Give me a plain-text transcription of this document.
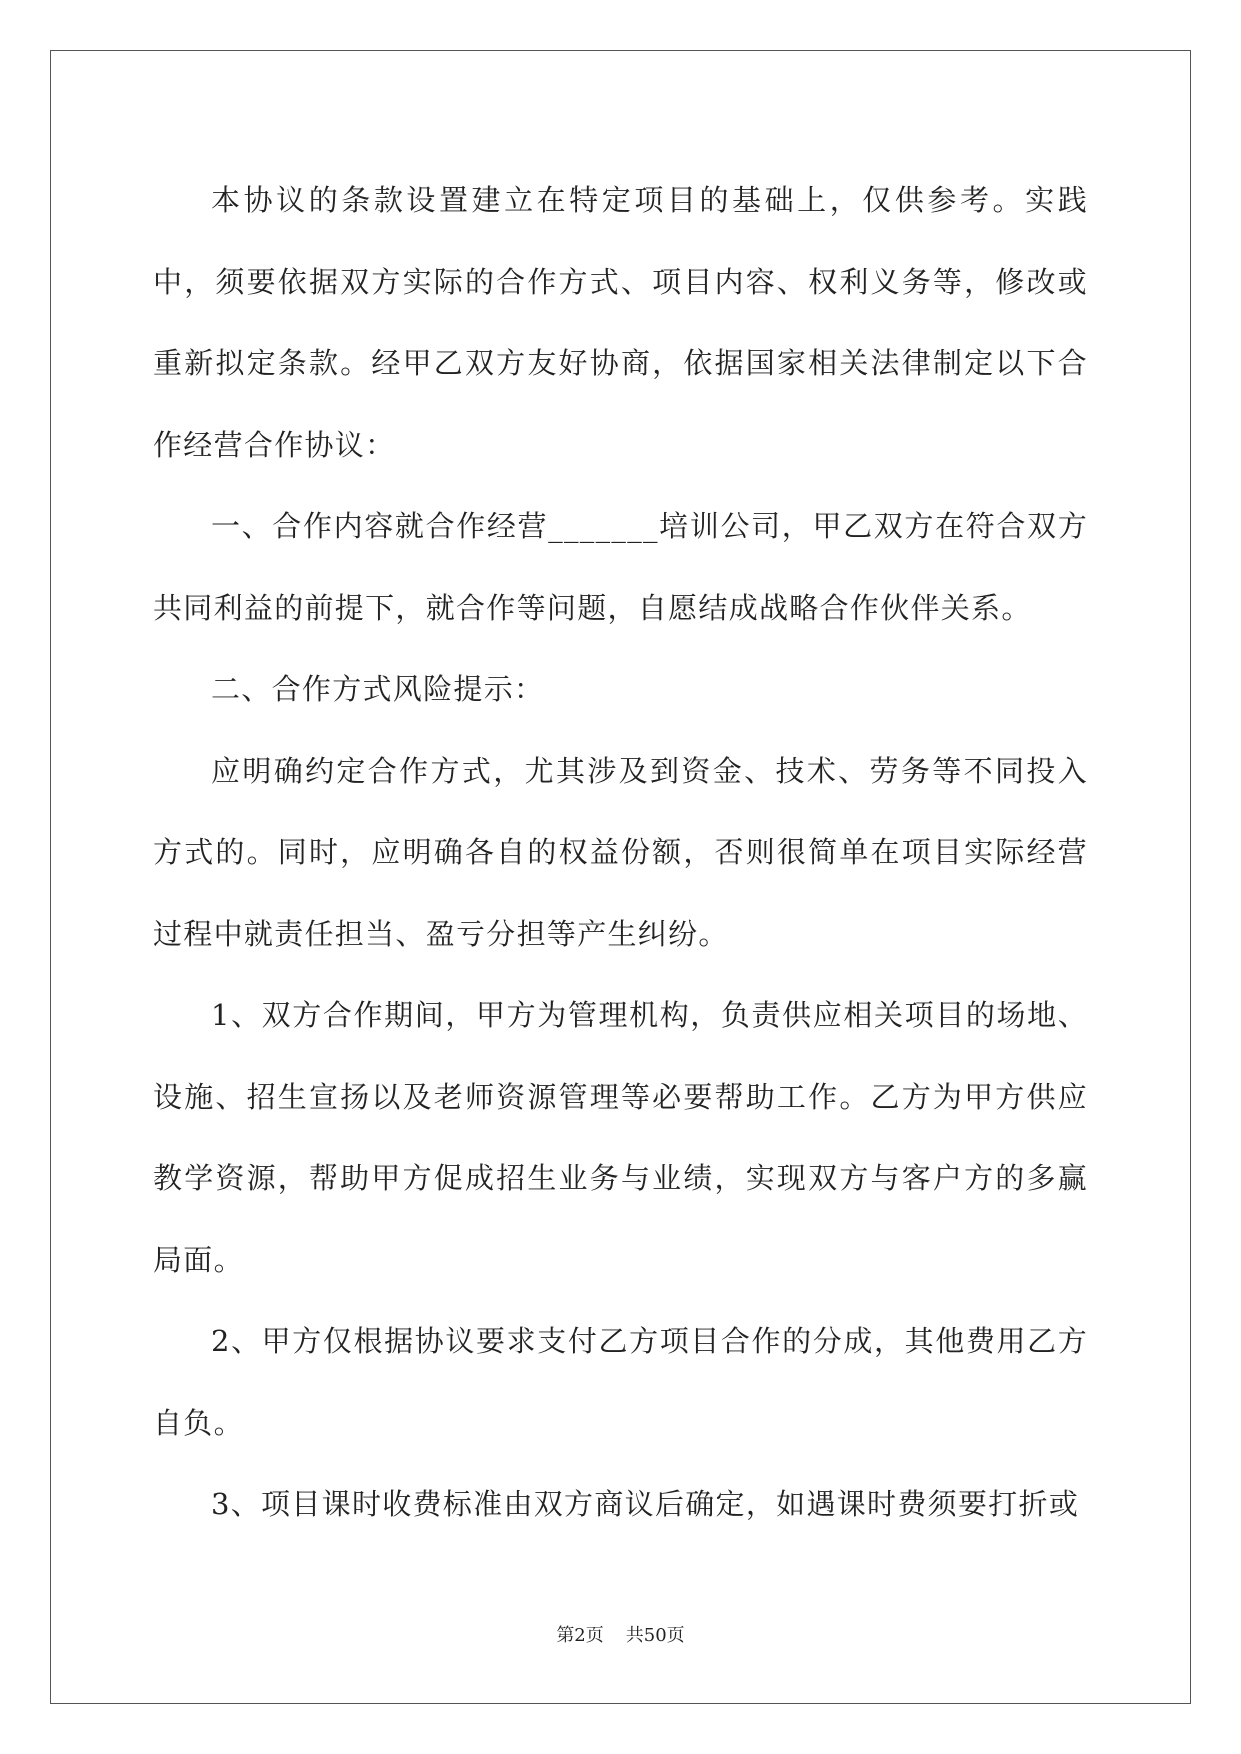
本协议的条款设置建立在特定项目的基础上，仅供参考。实践中，须要依据双方实际的合作方式、项目内容、权利义务等，修改或重新拟定条款。经甲乙双方友好协商，依据国家相关法律制定以下合作经营合作协议：

一、合作内容就合作经营_______培训公司，甲乙双方在符合双方共同利益的前提下，就合作等问题，自愿结成战略合作伙伴关系。

二、合作方式风险提示：

应明确约定合作方式，尤其涉及到资金、技术、劳务等不同投入方式的。同时，应明确各自的权益份额，否则很简单在项目实际经营过程中就责任担当、盈亏分担等产生纠纷。

1、双方合作期间，甲方为管理机构，负责供应相关项目的场地、设施、招生宣扬以及老师资源管理等必要帮助工作。乙方为甲方供应教学资源，帮助甲方促成招生业务与业绩，实现双方与客户方的多赢局面。

2、甲方仅根据协议要求支付乙方项目合作的分成，其他费用乙方自负。

3、项目课时收费标准由双方商议后确定，如遇课时费须要打折或

第2页 共50页
